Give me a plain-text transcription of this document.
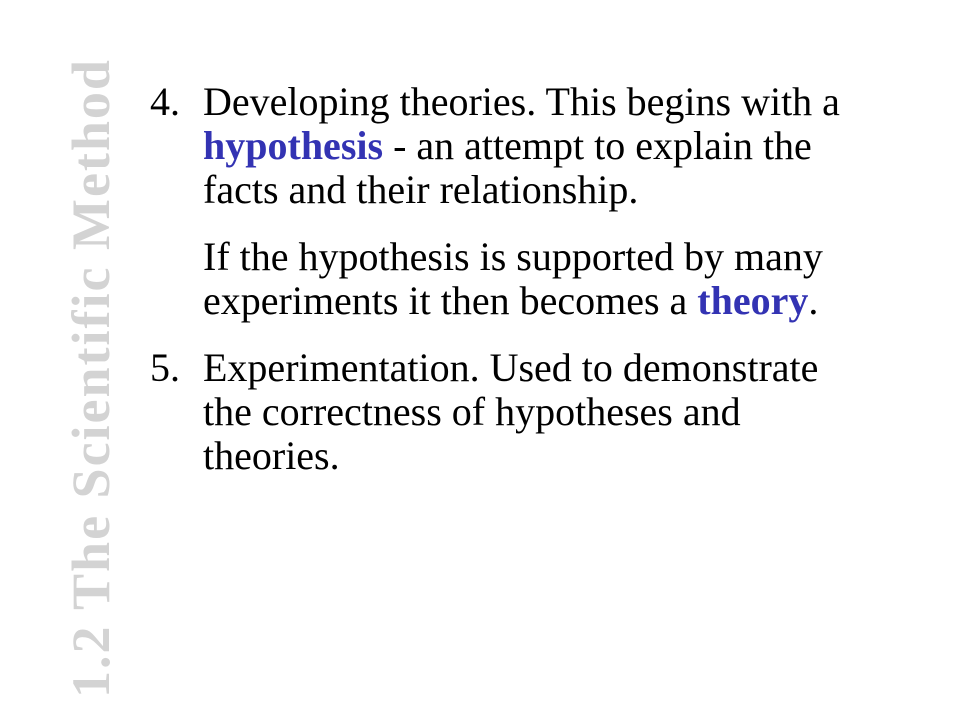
1.2 The Scientific Method 4. Developing theories. This begins with a hypothesis - an attempt to explain the facts and their relationship.

If the hypothesis is supported by many experiments it then becomes a theory.

5. Experimentation. Used to demonstrate the correctness of hypotheses and theories.
